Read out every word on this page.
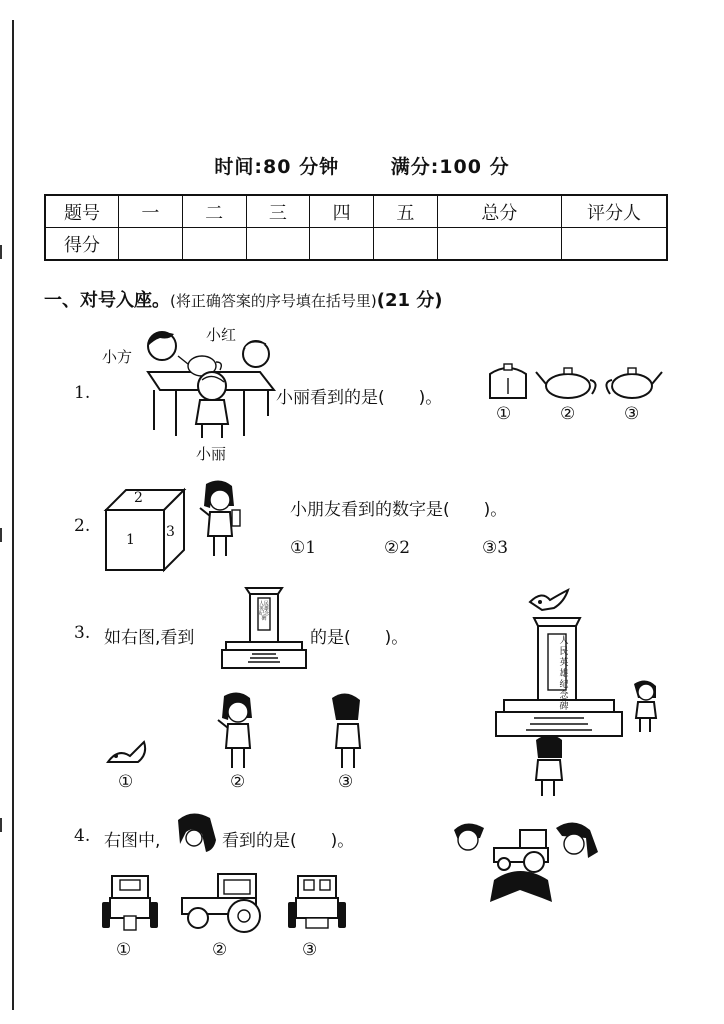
时间:80 分钟	满分:100 分
题号	一	二	三	四	五	总分	评分人
得分							
一、对号入座。(将正确答案的序号填在括号里)(21 分)
1.
小方
小红
小丽
小丽看到的是(　　)。
①	②	③
2.
2
1 3
小朋友看到的数字是(　　)。
①1	②2	③3
3. 如右图,看到
人民英雄纪念碑
的是(　　)。	人民英雄纪念碑
①	②	③
4. 右图中,	看到的是(　　)。
①	②	③
